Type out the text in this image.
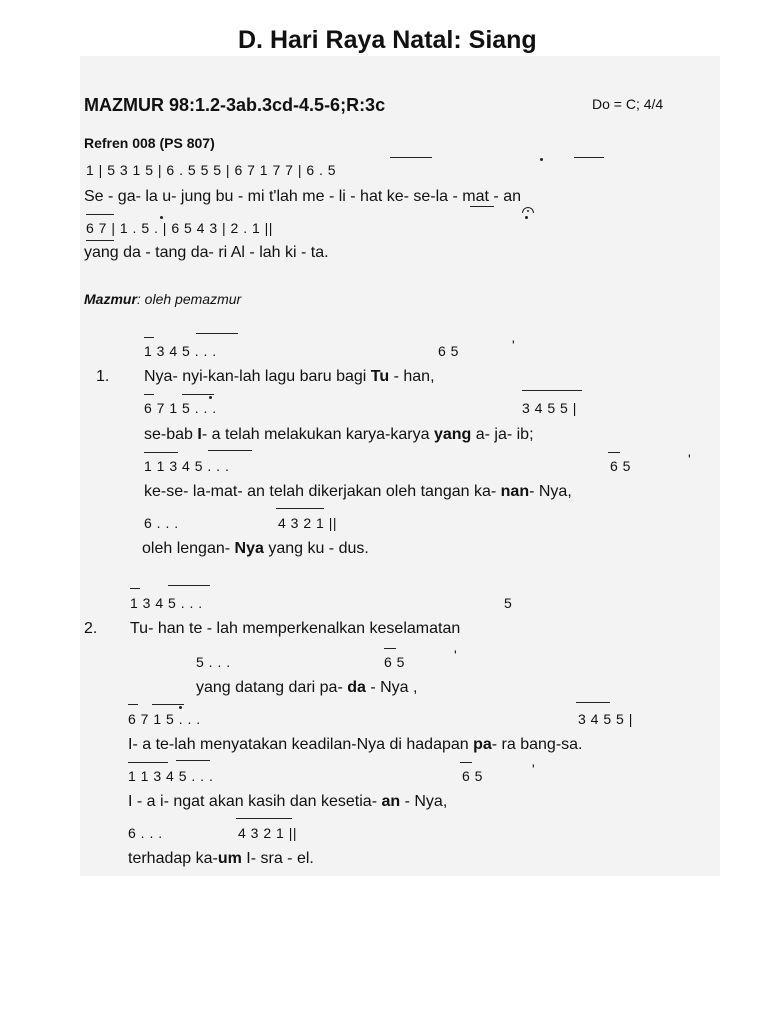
D. Hari Raya Natal: Siang
MAZMUR 98:1.2-3ab.3cd-4.5-6;R:3c	Do = C; 4/4
Refren 008 (PS 807)
1 | 5 3 1 5 | 6 . 5 5 5 | 6 7 1 7 7 | 6 . 5
Se - ga- la u- jung bu - mi t'lah me - li - hat ke- se-la - mat - an
6 7 | 1 . 5 . | 6 5 4 3 | 2 . 1 ||
yang da - tang da- ri Al - lah ki - ta.
Mazmur: oleh pemazmur
1 3 4 5 . . .	6 5	'
1. Nya- nyi-kan-lah lagu baru bagi Tu - han,
6 7 1 5 . . .	3 4 5 5 |
se-bab I- a telah melakukan karya-karya yang a- ja- ib;
1 1 3 4 5 . . .	6 5	'
ke-se- la-mat- an telah dikerjakan oleh tangan ka- nan- Nya,
6 . . .	4 3 2 1 ||
oleh lengan- Nya yang ku - dus.
1 3 4 5 . . .	5
2. Tu- han te - lah memperkenalkan keselamatan
5 . . .	6 5	'
yang datang dari pa- da - Nya ,
6 7 1 5 . . .	3 4 5 5 |
I- a te-lah menyatakan keadilan-Nya di hadapan pa- ra bang-sa.
1 1 3 4 5 . . .	6 5	'
I - a i- ngat akan kasih dan kesetia- an - Nya,
6 . . .	4 3 2 1 ||
terhadap ka-um I- sra - el.
